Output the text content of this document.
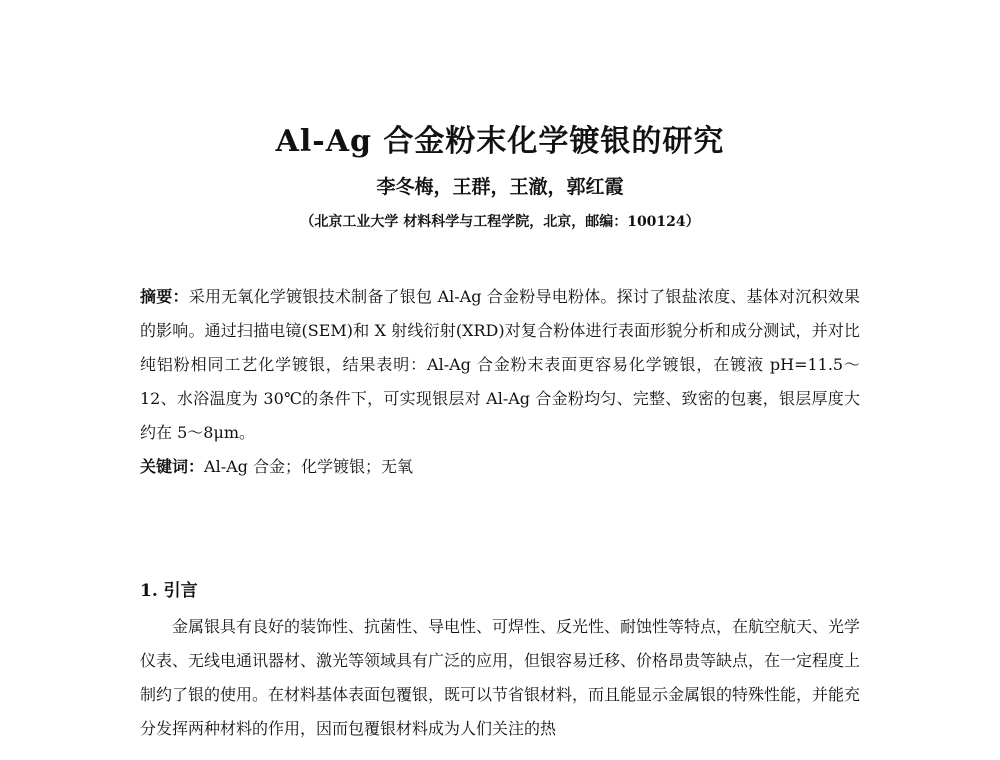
Al-Ag 合金粉末化学镀银的研究
李冬梅，王群，王澈，郭红霞
（北京工业大学 材料科学与工程学院，北京，邮编：100124）
摘要：采用无氧化学镀银技术制备了银包 Al-Ag 合金粉导电粉体。探讨了银盐浓度、基体对沉积效果的影响。通过扫描电镜(SEM)和 X 射线衍射(XRD)对复合粉体进行表面形貌分析和成分测试，并对比纯铝粉相同工艺化学镀银，结果表明：Al-Ag 合金粉末表面更容易化学镀银，在镀液 pH=11.5～12、水浴温度为 30℃的条件下，可实现银层对 Al-Ag 合金粉均匀、完整、致密的包裹，银层厚度大约在 5～8μm。
关键词：Al-Ag 合金；化学镀银；无氧
1. 引言
金属银具有良好的装饰性、抗菌性、导电性、可焊性、反光性、耐蚀性等特点，在航空航天、光学仪表、无线电通讯器材、激光等领域具有广泛的应用，但银容易迁移、价格昂贵等缺点，在一定程度上制约了银的使用。在材料基体表面包覆银，既可以节省银材料，而且能显示金属银的特殊性能，并能充分发挥两种材料的作用，因而包覆银材料成为人们关注的热
